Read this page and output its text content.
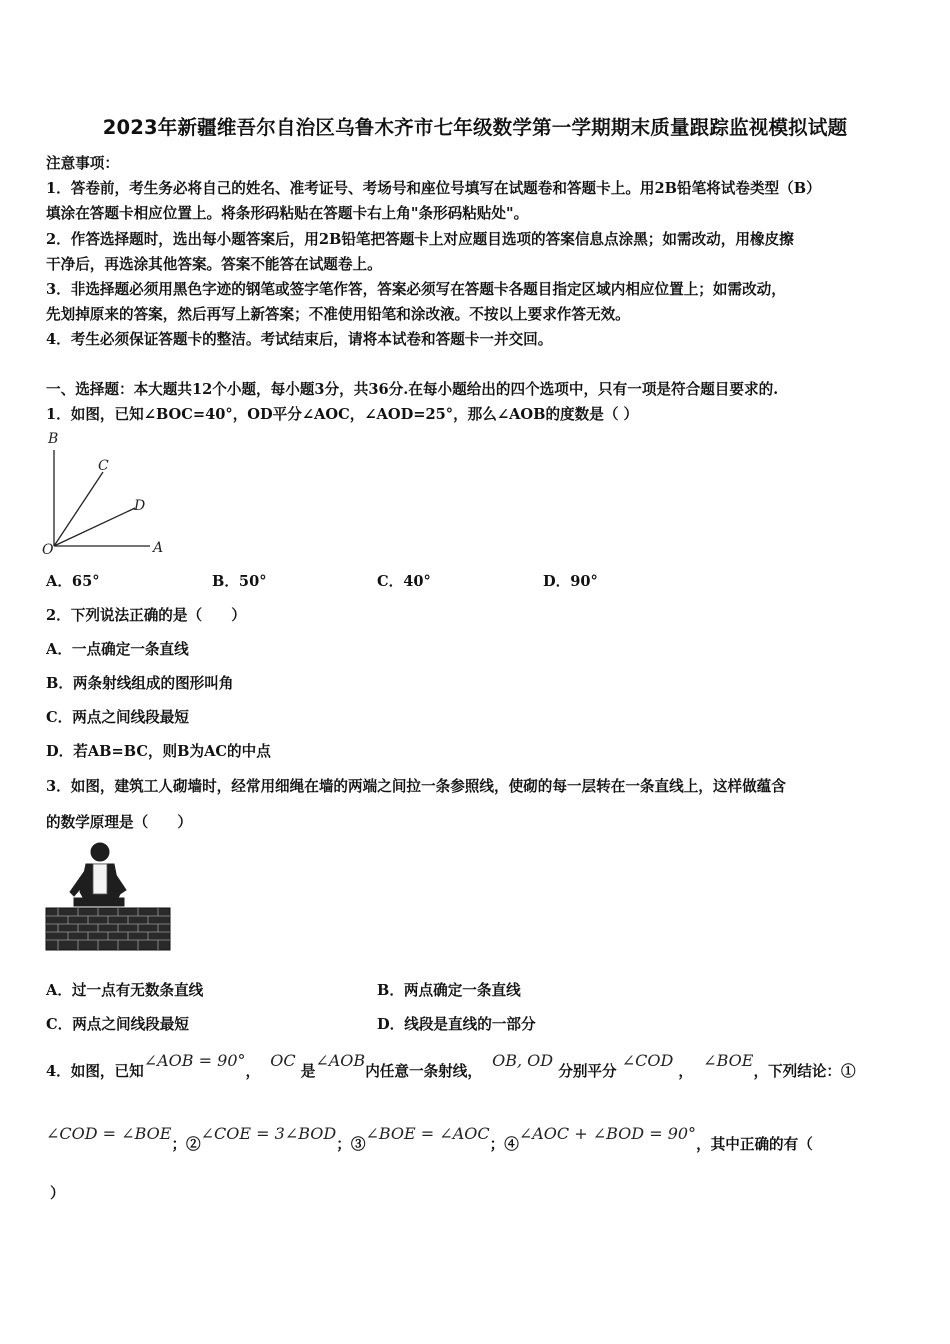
2023年新疆维吾尔自治区乌鲁木齐市七年级数学第一学期期末质量跟踪监视模拟试题
注意事项：
1．答卷前，考生务必将自己的姓名、准考证号、考场号和座位号填写在试题卷和答题卡上。用2B铅笔将试卷类型（B）
填涂在答题卡相应位置上。将条形码粘贴在答题卡右上角"条形码粘贴处"。
2．作答选择题时，选出每小题答案后，用2B铅笔把答题卡上对应题目选项的答案信息点涂黑；如需改动，用橡皮擦
干净后，再选涂其他答案。答案不能答在试题卷上。
3．非选择题必须用黑色字迹的钢笔或签字笔作答，答案必须写在答题卡各题目指定区域内相应位置上；如需改动，
先划掉原来的答案，然后再写上新答案；不准使用铅笔和涂改液。不按以上要求作答无效。
4．考生必须保证答题卡的整洁。考试结束后，请将本试卷和答题卡一并交回。
一、选择题：本大题共12个小题，每小题3分，共36分.在每小题给出的四个选项中，只有一项是符合题目要求的.
1．如图，已知∠BOC=40°，OD平分∠AOC，∠AOD=25°，那么∠AOB的度数是（ ）
B
C
D
O	A
A．65°	B．50°	C．40°	D．90°
2．下列说法正确的是（　　）
A．一点确定一条直线
B．两条射线组成的图形叫角
C．两点之间线段最短
D．若AB=BC，则B为AC的中点
3．如图，建筑工人砌墙时，经常用细绳在墙的两端之间拉一条参照线，使砌的每一层转在一条直线上，这样做蕴含
的数学原理是（　　）
A．过一点有无数条直线	B．两点确定一条直线
C．两点之间线段最短	D．线段是直线的一部分
4．如图，已知∠AOB = 90°，  OC 是∠AOB内任意一条射线，  OB, OD 分别平分 ∠COD ，  ∠BOE，下列结论：①
∠COD = ∠BOE；②∠COE = 3∠BOD；③∠BOE = ∠AOC；④∠AOC + ∠BOD = 90°，其中正确的有（
）
